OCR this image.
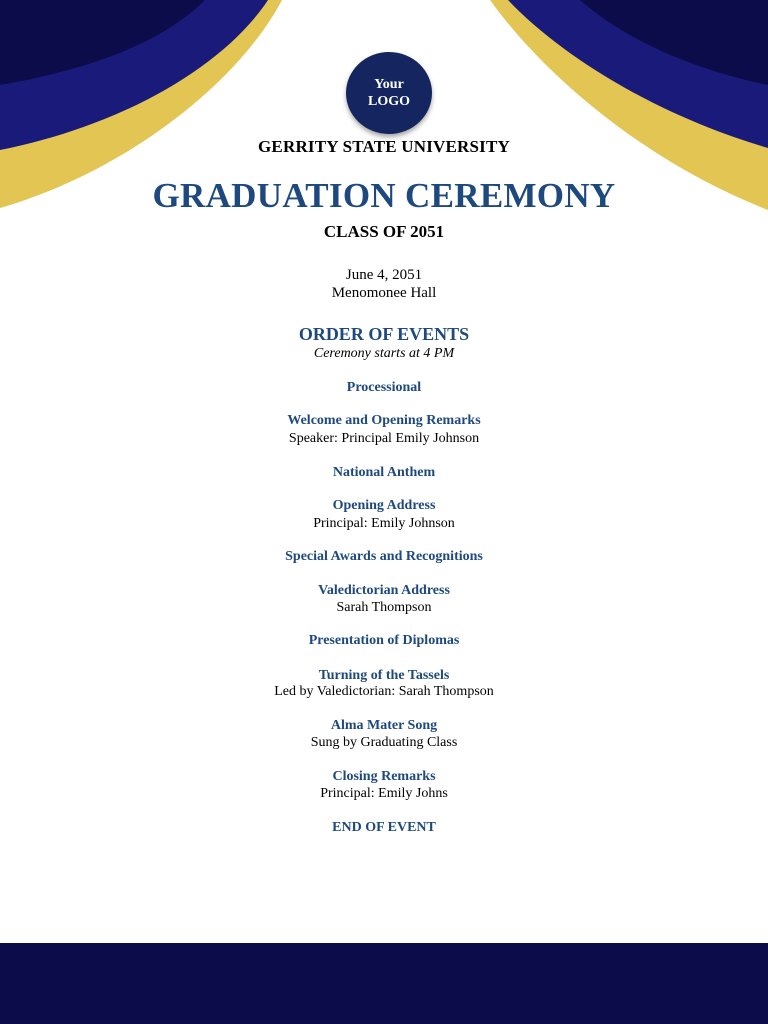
Your
LOGO
GERRITY STATE UNIVERSITY
GRADUATION CEREMONY
CLASS OF 2051
June 4, 2051
Menomonee Hall
ORDER OF EVENTS
Ceremony starts at 4 PM
Processional
Welcome and Opening Remarks
Speaker: Principal Emily Johnson
National Anthem
Opening Address
Principal: Emily Johnson
Special Awards and Recognitions
Valedictorian Address
Sarah Thompson
Presentation of Diplomas
Turning of the Tassels
Led by Valedictorian: Sarah Thompson
Alma Mater Song
Sung by Graduating Class
Closing Remarks
Principal: Emily Johns
END OF EVENT
